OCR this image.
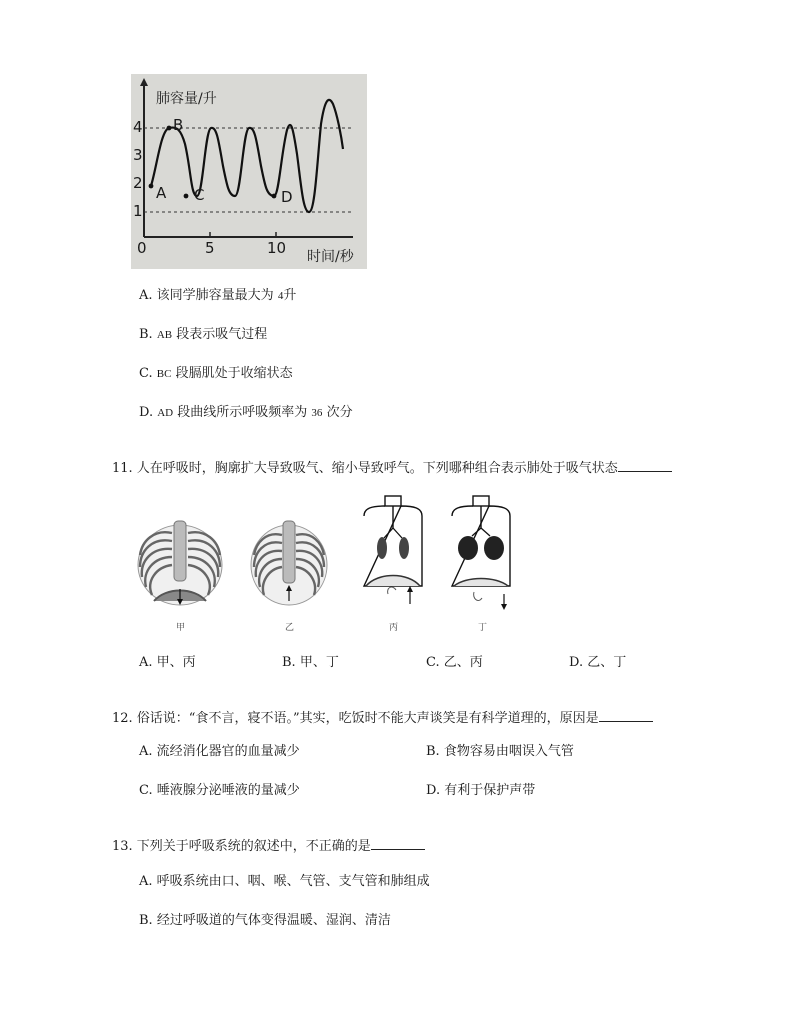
肺容量/升
时间/秒
1
2
3
4
0	5	10
A
B
C	D
A. 该同学肺容量最大为 4升
B. AB 段表示吸气过程
C. BC 段膈肌处于收缩状态
D. AD 段曲线所示呼吸频率为 36 次分
11. 人在呼吸时，胸廓扩大导致吸气、缩小导致呼气。下列哪种组合表示肺处于吸气状态
甲	乙	丙	丁
A. 甲、丙	B. 甲、丁	C. 乙、丙	D. 乙、丁
12. 俗话说：“食不言，寝不语。”其实，吃饭时不能大声谈笑是有科学道理的，原因是
A. 流经消化器官的血量减少	B. 食物容易由咽误入气管
C. 唾液腺分泌唾液的量减少	D. 有利于保护声带
13. 下列关于呼吸系统的叙述中，不正确的是
A. 呼吸系统由口、咽、喉、气管、支气管和肺组成
B. 经过呼吸道的气体变得温暖、湿润、清洁
